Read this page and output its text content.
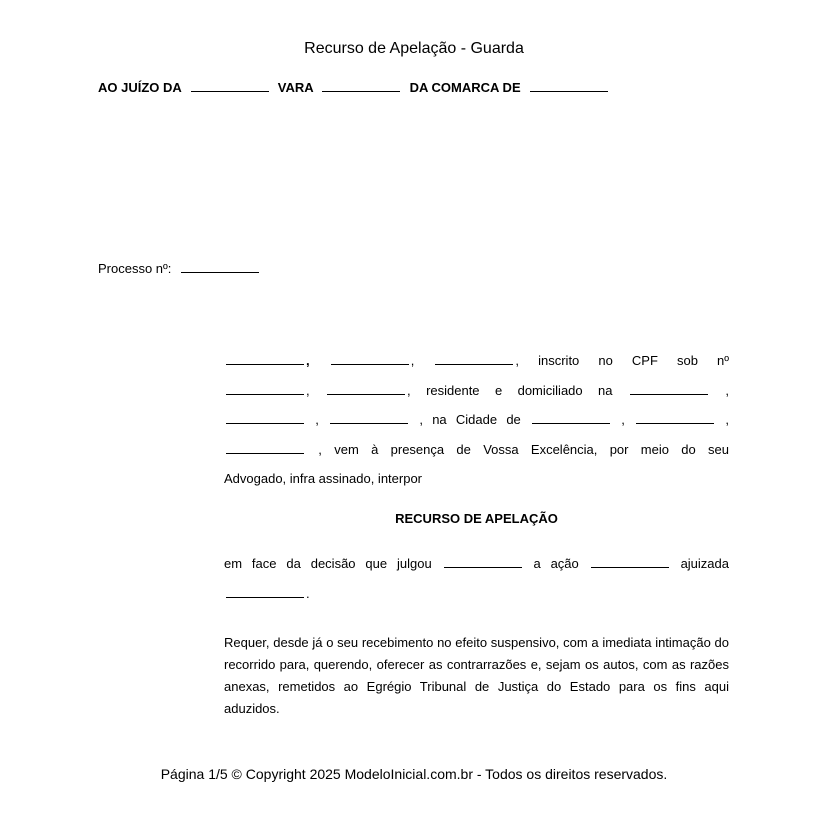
Recurso de Apelação - Guarda
AO JUÍZO DA	VARA	DA COMARCA DE
Processo nº:

,	,	, inscrito no CPF sob nº

,	, residente e domiciliado na	,

,	, na Cidade de	,	,

, vem à presença de Vossa Excelência, por meio do seu

Advogado, infra assinado, interpor

RECURSO DE APELAÇÃO

em face da decisão que julgou	a ação	ajuizada

.

Requer, desde já o seu recebimento no efeito suspensivo, com a imediata intimação do recorrido para, querendo, oferecer as contrarrazões e, sejam os autos, com as razões anexas, remetidos ao Egrégio Tribunal de Justiça do Estado para os fins aqui aduzidos.

Página 1/5 © Copyright 2025 ModeloInicial.com.br - Todos os direitos reservados.
